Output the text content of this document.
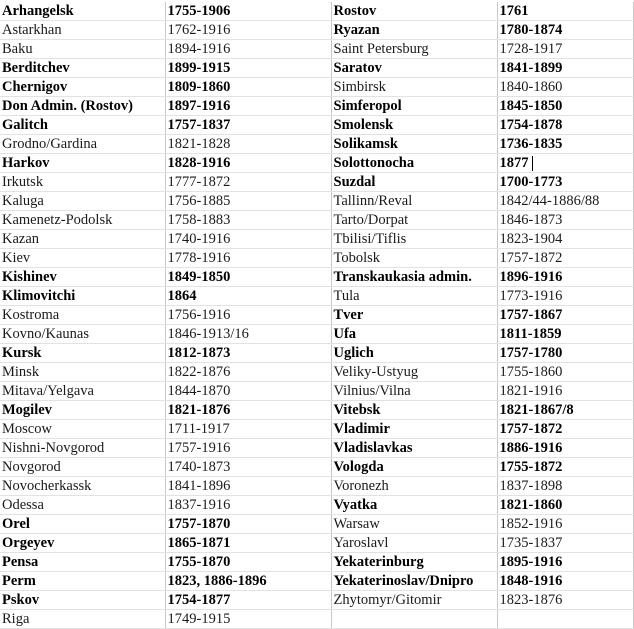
Arhangelsk	1755-1906	Rostov	1761
Astarkhan	1762-1916	Ryazan	1780-1874
Baku	1894-1916	Saint Petersburg	1728-1917
Berditchev	1899-1915	Saratov	1841-1899
Chernigov	1809-1860	Simbirsk	1840-1860
Don Admin. (Rostov)	1897-1916	Simferopol	1845-1850
Galitch	1757-1837	Smolensk	1754-1878
Grodno/Gardina	1821-1828	Solikamsk	1736-1835
Harkov	1828-1916	Solottonocha	1877
Irkutsk	1777-1872	Suzdal	1700-1773
Kaluga	1756-1885	Tallinn/Reval	1842/44-1886/88
Kamenetz-Podolsk	1758-1883	Tarto/Dorpat	1846-1873
Kazan	1740-1916	Tbilisi/Tiflis	1823-1904
Kiev	1778-1916	Tobolsk	1757-1872
Kishinev	1849-1850	Transkaukasia admin.	1896-1916
Klimovitchi	1864	Tula	1773-1916
Kostroma	1756-1916	Tver	1757-1867
Kovno/Kaunas	1846-1913/16	Ufa	1811-1859
Kursk	1812-1873	Uglich	1757-1780
Minsk	1822-1876	Veliky-Ustyug	1755-1860
Mitava/Yelgava	1844-1870	Vilnius/Vilna	1821-1916
Mogilev	1821-1876	Vitebsk	1821-1867/8
Moscow	1711-1917	Vladimir	1757-1872
Nishni-Novgorod	1757-1916	Vladislavkas	1886-1916
Novgorod	1740-1873	Vologda	1755-1872
Novocherkassk	1841-1896	Voronezh	1837-1898
Odessa	1837-1916	Vyatka	1821-1860
Orel	1757-1870	Warsaw	1852-1916
Orgeyev	1865-1871	Yaroslavl	1735-1837
Pensa	1755-1870	Yekaterinburg	1895-1916
Perm	1823, 1886-1896	Yekaterinoslav/Dnipro	1848-1916
Pskov	1754-1877	Zhytomyr/Gitomir	1823-1876
Riga	1749-1915		
